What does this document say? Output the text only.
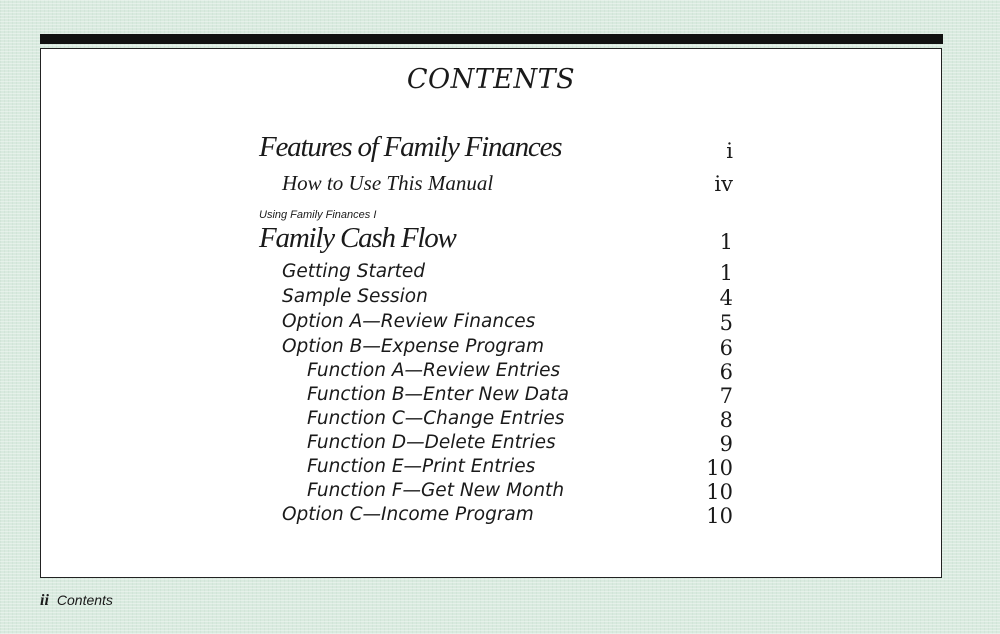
CONTENTS
Features of Family Finances	i
How to Use This Manual	iv
Using Family Finances I
Family Cash Flow	1
Getting Started	1
Sample Session	4
Option A—Review Finances	5
Option B—Expense Program	6
Function A—Review Entries	6
Function B—Enter New Data	7
Function C—Change Entries	8
Function D—Delete Entries	9
Function E—Print Entries	10
Function F—Get New Month	10
Option C—Income Program	10
ii Contents
